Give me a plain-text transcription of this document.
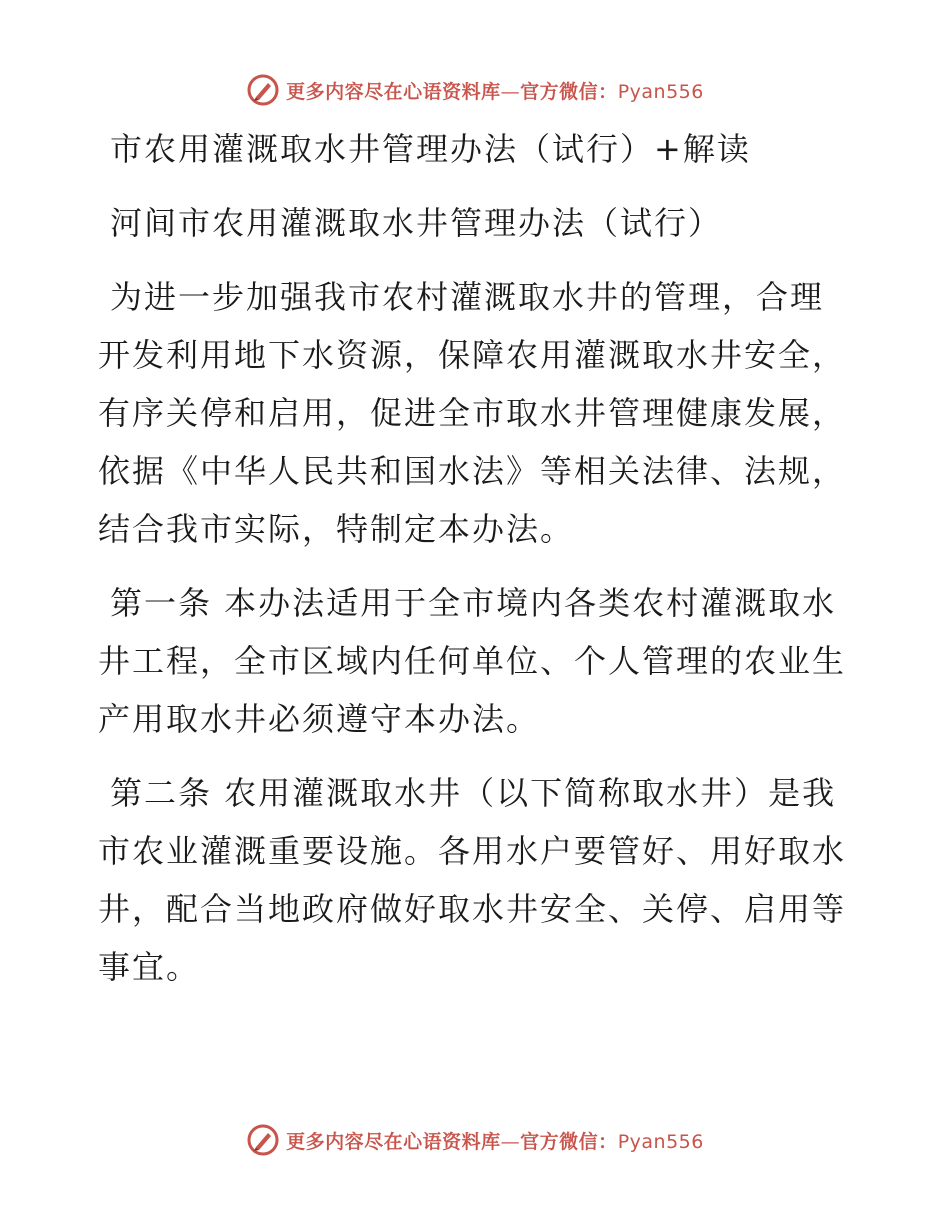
更多内容尽在心语资料库—官方微信：Pyan556
市农用灌溉取水井管理办法（试行）+解读
河间市农用灌溉取水井管理办法（试行）
为进一步加强我市农村灌溉取水井的管理，合理
开发利用地下水资源，保障农用灌溉取水井安全，
有序关停和启用，促进全市取水井管理健康发展，
依据《中华人民共和国水法》等相关法律、法规，
结合我市实际，特制定本办法。
第一条 本办法适用于全市境内各类农村灌溉取水
井工程，全市区域内任何单位、个人管理的农业生
产用取水井必须遵守本办法。
第二条 农用灌溉取水井（以下简称取水井）是我
市农业灌溉重要设施。各用水户要管好、用好取水
井，配合当地政府做好取水井安全、关停、启用等
事宜。
更多内容尽在心语资料库—官方微信：Pyan556
